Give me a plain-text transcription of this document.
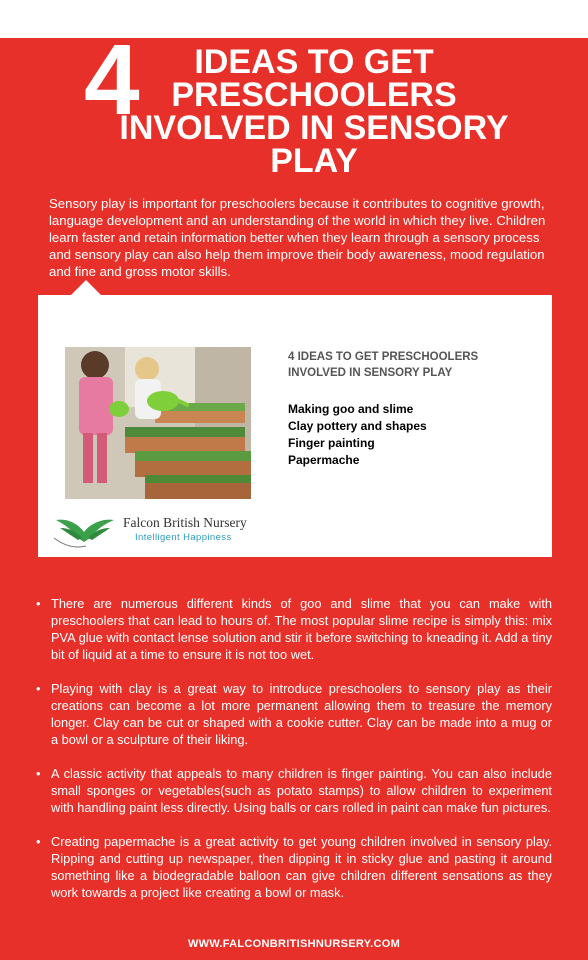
4	IDEAS TO GET
PRESCHOOLERS
INVOLVED IN SENSORY
PLAY

Sensory play is important for preschoolers because it contributes to cognitive growth, language development and an understanding of the world in which they live. Children learn faster and retain information better when they learn through a sensory process and sensory play can also help them improve their body awareness, mood regulation and fine and gross motor skills.

Falcon British Nursery
Intelligent Happiness

4 IDEAS TO GET PRESCHOOLERS INVOLVED IN SENSORY PLAY

Making goo and slime
Clay pottery and shapes
Finger painting
Papermache
• There are numerous different kinds of goo and slime that you can make with preschoolers that can lead to hours of. The most popular slime recipe is simply this: mix PVA glue with contact lense solution and stir it before switching to kneading it. Add a tiny bit of liquid at a time to ensure it is not too wet.
• Playing with clay is a great way to introduce preschoolers to sensory play as their creations can become a lot more permanent allowing them to treasure the memory longer. Clay can be cut or shaped with a cookie cutter. Clay can be made into a mug or a bowl or a sculpture of their liking.
• A classic activity that appeals to many children is finger painting. You can also include small sponges or vegetables(such as potato stamps) to allow children to experiment with handling paint less directly. Using balls or cars rolled in paint can make fun pictures.
• Creating papermache is a great activity to get young children involved in sensory play. Ripping and cutting up newspaper, then dipping it in sticky glue and pasting it around something like a biodegradable balloon can give children different sensations as they work towards a project like creating a bowl or mask.
WWW.FALCONBRITISHNURSERY.COM
